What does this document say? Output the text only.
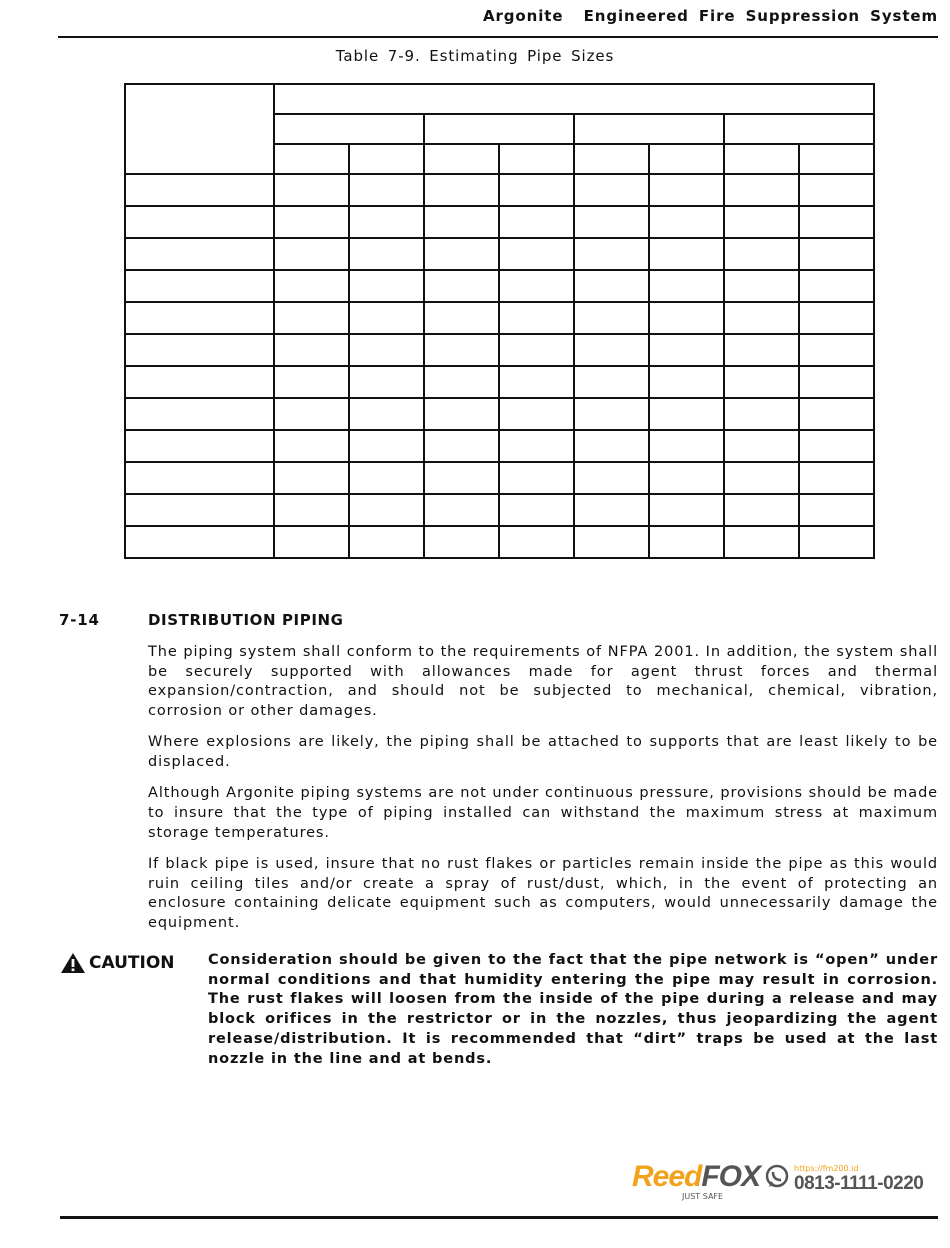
Argonite  Engineered Fire Suppression System
Table 7-9. Estimating Pipe Sizes

7-14	DISTRIBUTION PIPING

The piping system shall conform to the requirements of NFPA 2001. In addition, the system shall be securely supported with allowances made for agent thrust forces and thermal expansion/contraction, and should not be subjected to mechanical, chemical, vibration, corrosion or other damages.

Where explosions are likely, the piping shall be attached to supports that are least likely to be displaced.

Although Argonite piping systems are not under continuous pressure, provisions should be made to insure that the type of piping installed can withstand the maximum stress at maximum storage temperatures.

If black pipe is used, insure that no rust flakes or particles remain inside the pipe as this would ruin ceiling tiles and/or create a spray of rust/dust, which, in the event of protecting an enclosure containing delicate equipment such as computers, would unnecessarily damage the equipment.

CAUTION Consideration should be given to the fact that the pipe network is “open” under normal conditions and that humidity entering the pipe may result in corrosion. The rust flakes will loosen from the inside of the pipe during a release and may block orifices in the restrictor or in the nozzles, thus jeopardizing the agent release/distribution. It is recommended that “dirt” traps be used at the last nozzle in the line and at bends.
ReedFOX
JUST SAFE
https://fm200.id
0813-1111-0220
